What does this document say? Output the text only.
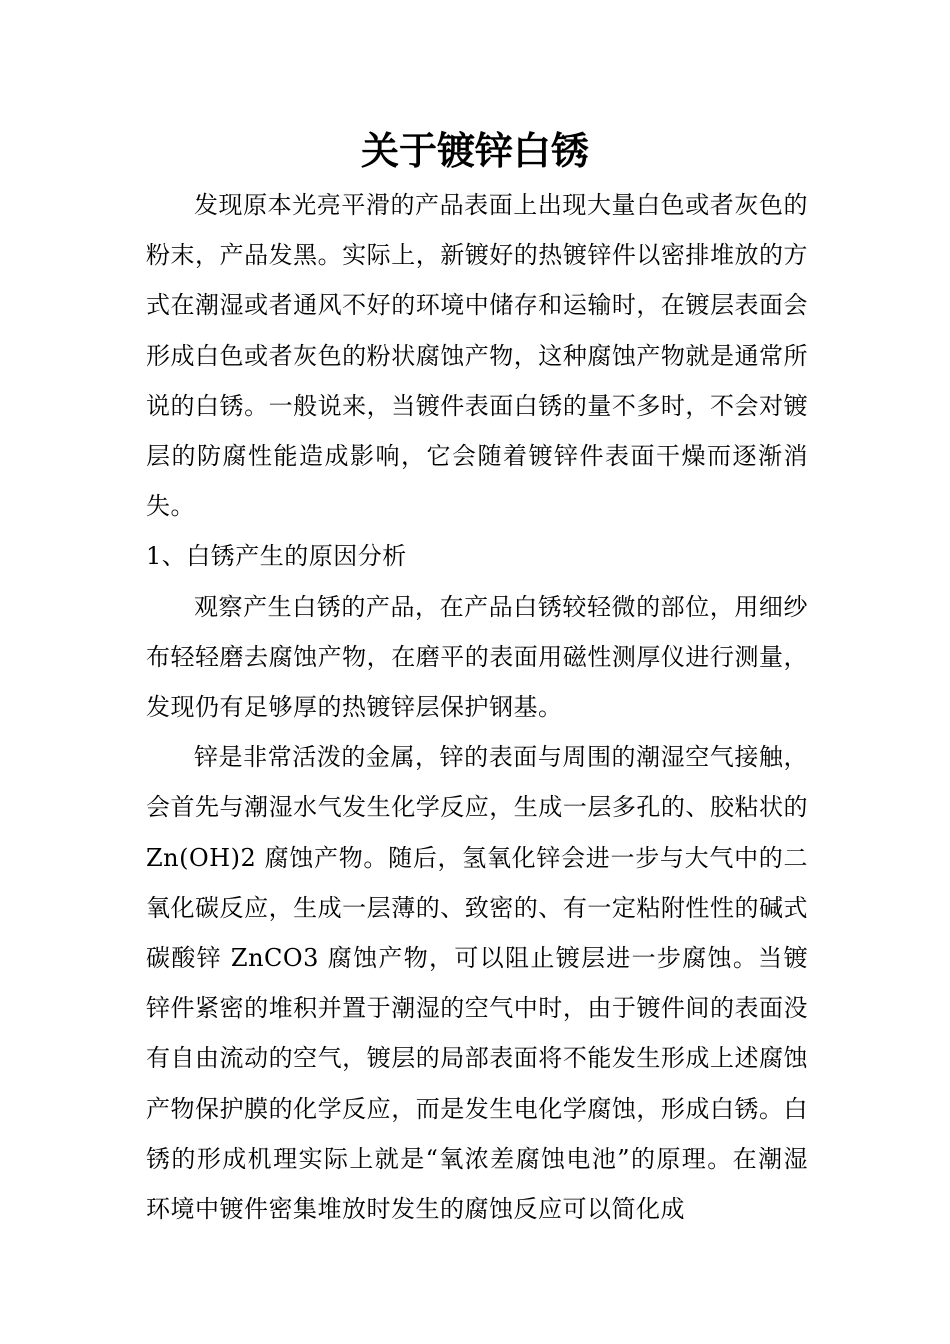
关于镀锌白锈

发现原本光亮平滑的产品表面上出现大量白色或者灰色的粉末，产品发黑。实际上，新镀好的热镀锌件以密排堆放的方式在潮湿或者通风不好的环境中储存和运输时，在镀层表面会形成白色或者灰色的粉状腐蚀产物，这种腐蚀产物就是通常所说的白锈。一般说来，当镀件表面白锈的量不多时，不会对镀层的防腐性能造成影响，它会随着镀锌件表面干燥而逐渐消失。

1、白锈产生的原因分析

观察产生白锈的产品，在产品白锈较轻微的部位，用细纱布轻轻磨去腐蚀产物，在磨平的表面用磁性测厚仪进行测量，发现仍有足够厚的热镀锌层保护钢基。

锌是非常活泼的金属，锌的表面与周围的潮湿空气接触，会首先与潮湿水气发生化学反应，生成一层多孔的、胶粘状的 Zn(OH)2 腐蚀产物。随后，氢氧化锌会进一步与大气中的二氧化碳反应，生成一层薄的、致密的、有一定粘附性性的碱式碳酸锌 ZnCO3 腐蚀产物，可以阻止镀层进一步腐蚀。当镀锌件紧密的堆积并置于潮湿的空气中时，由于镀件间的表面没有自由流动的空气，镀层的局部表面将不能发生形成上述腐蚀产物保护膜的化学反应，而是发生电化学腐蚀，形成白锈。白锈的形成机理实际上就是“氧浓差腐蚀电池”的原理。在潮湿环境中镀件密集堆放时发生的腐蚀反应可以简化成
